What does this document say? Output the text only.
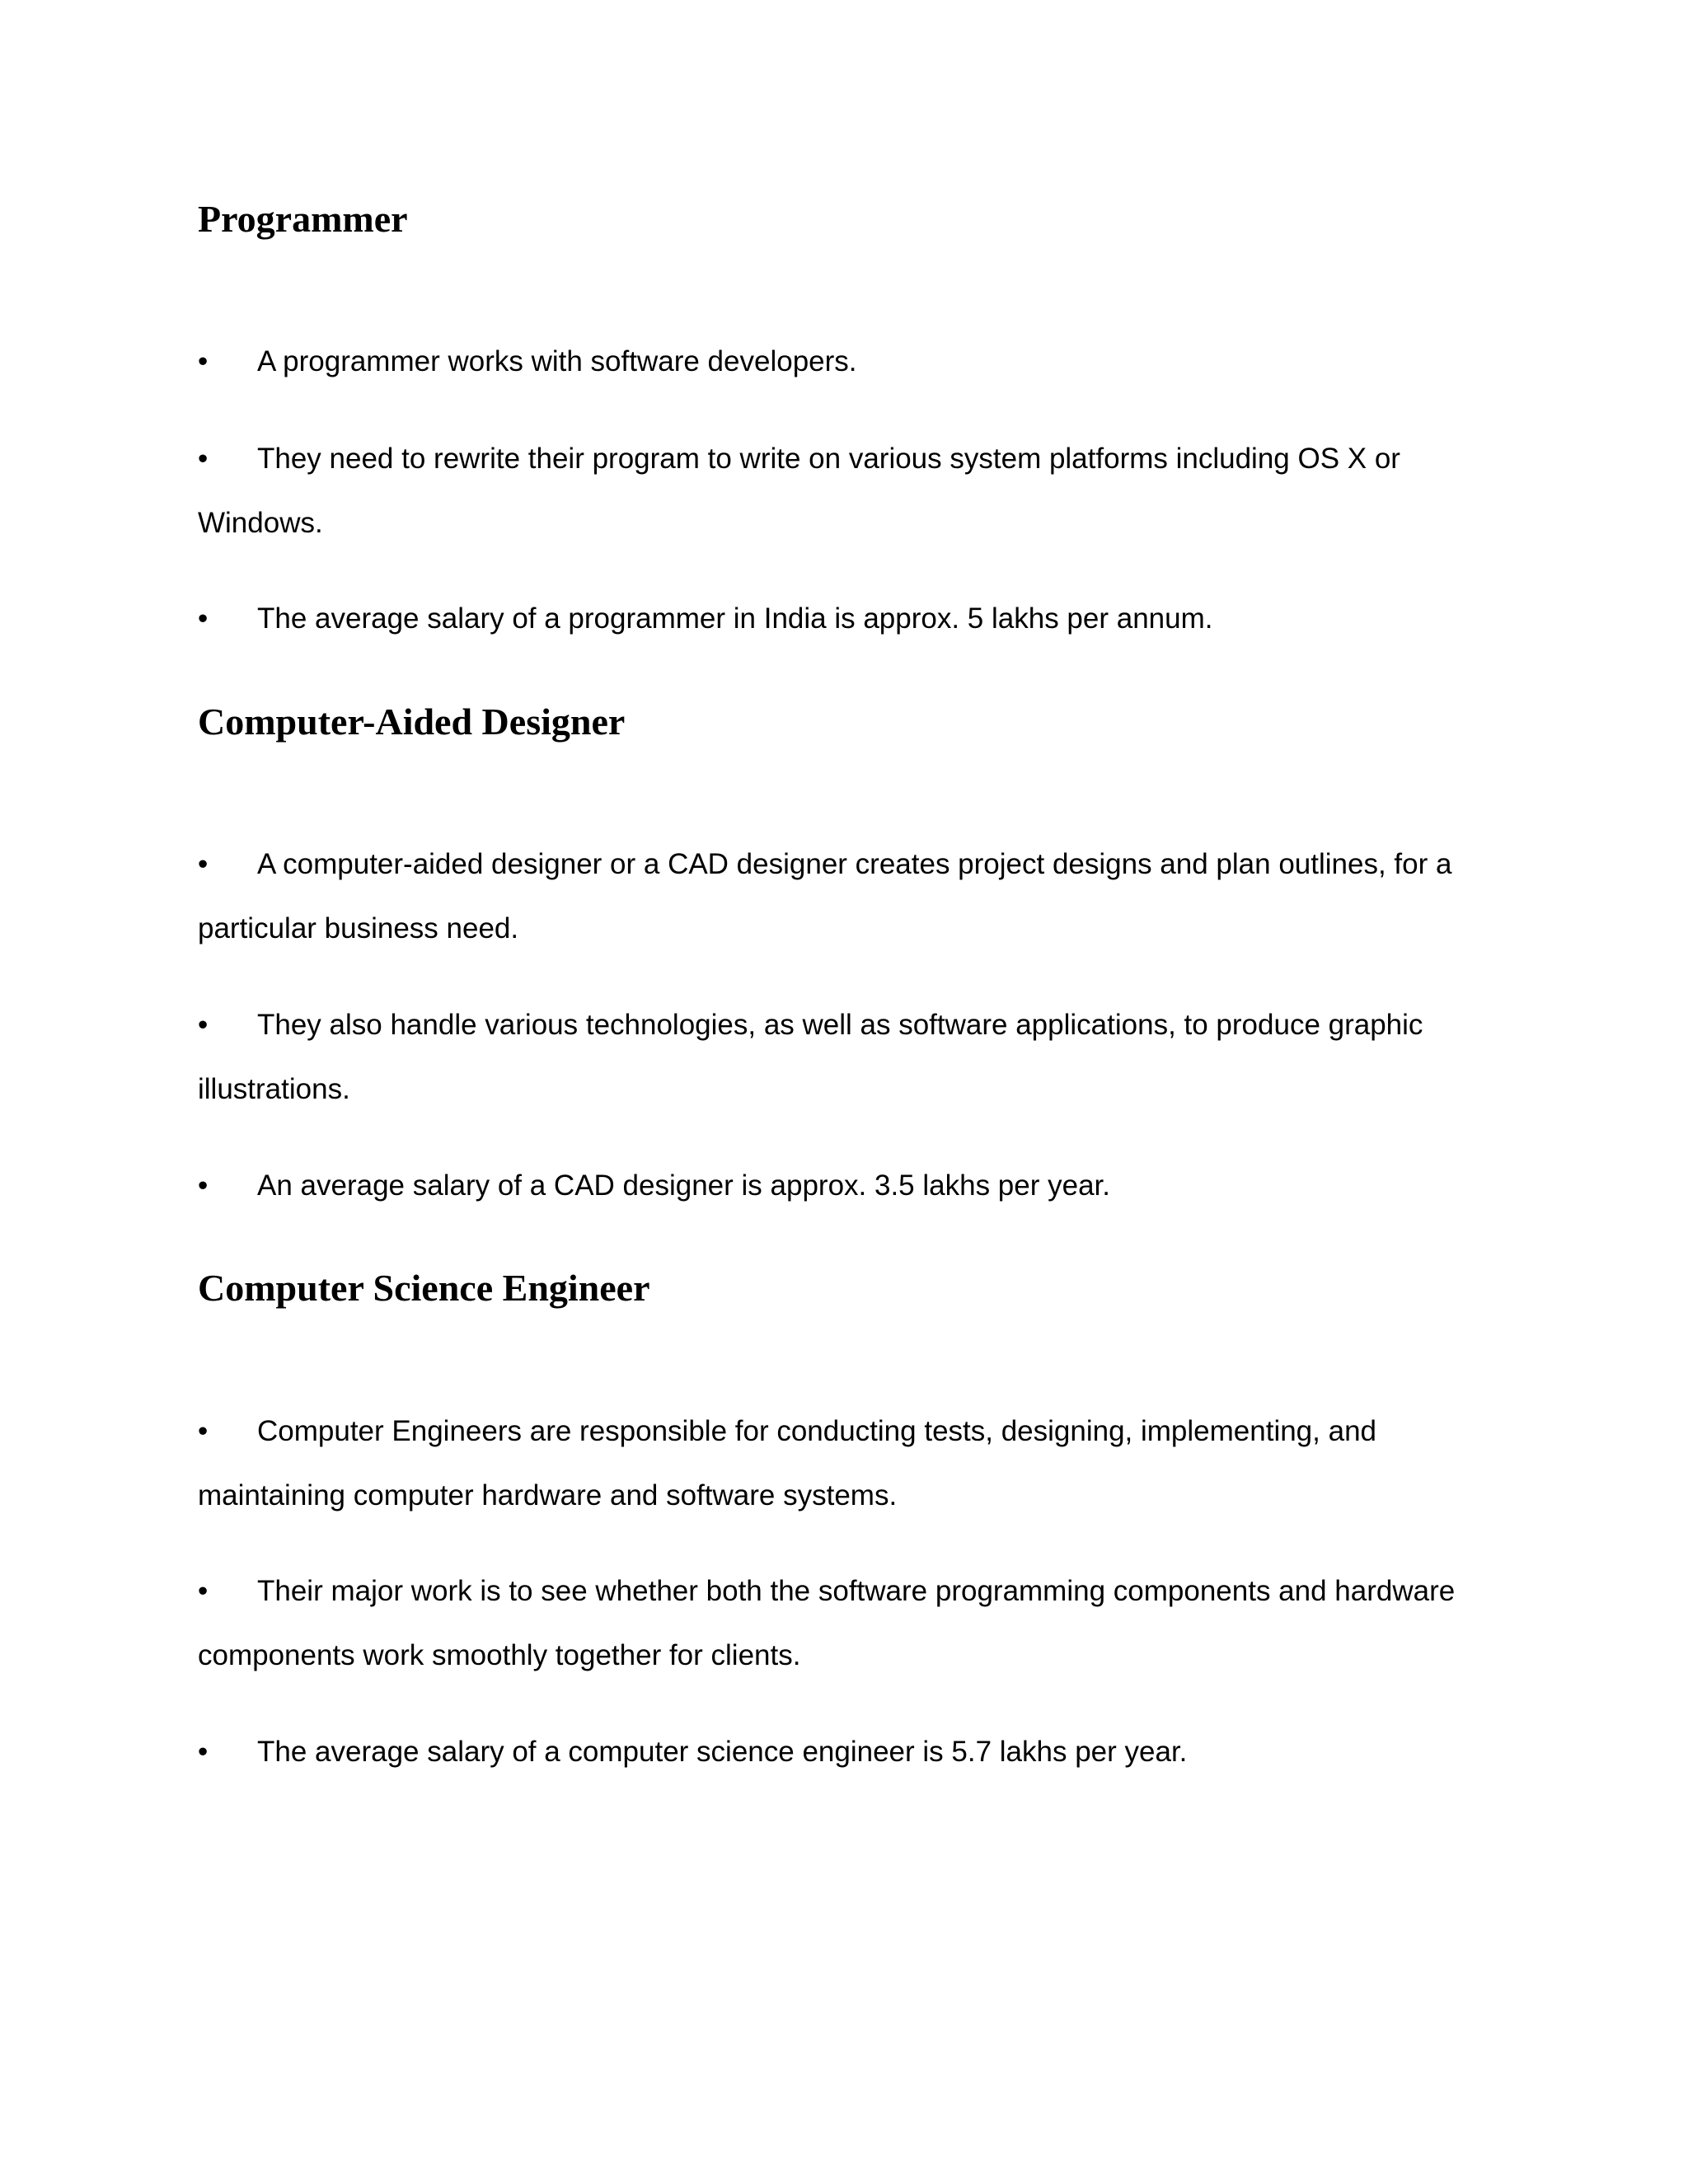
Programmer

• A programmer works with software developers.

• They need to rewrite their program to write on various system platforms including OS X or Windows.

• The average salary of a programmer in India is approx. 5 lakhs per annum.

Computer-Aided Designer

• A computer-aided designer or a CAD designer creates project designs and plan outlines, for a particular business need.

• They also handle various technologies, as well as software applications, to produce graphic illustrations.

• An average salary of a CAD designer is approx. 3.5 lakhs per year.

Computer Science Engineer

• Computer Engineers are responsible for conducting tests, designing, implementing, and maintaining computer hardware and software systems.

• Their major work is to see whether both the software programming components and hardware components work smoothly together for clients.

• The average salary of a computer science engineer is 5.7 lakhs per year.
